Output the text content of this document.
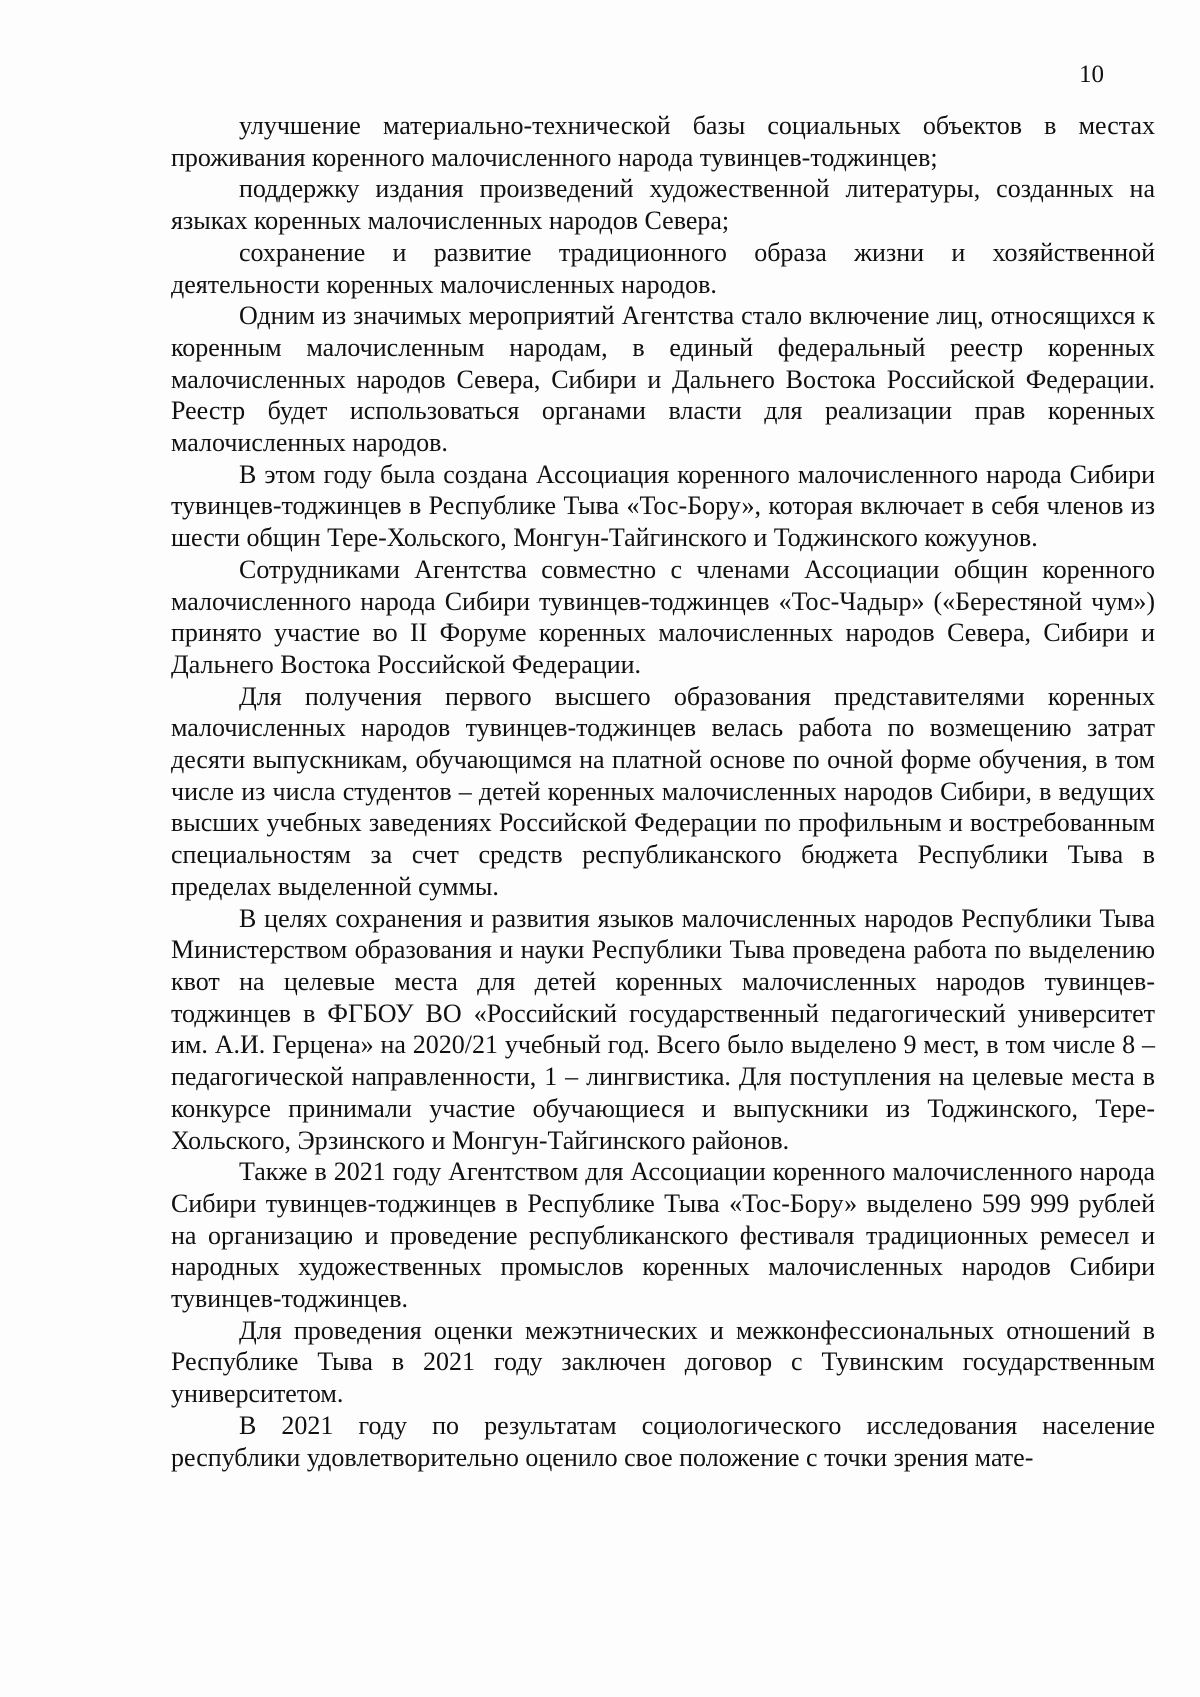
10

улучшение материально-технической базы социальных объектов в местах проживания коренного малочисленного народа тувинцев-тоджинцев;

поддержку издания произведений художественной литературы, созданных на языках коренных малочисленных народов Севера;

сохранение и развитие традиционного образа жизни и хозяйственной деятельности коренных малочисленных народов.

Одним из значимых мероприятий Агентства стало включение лиц, относящихся к коренным малочисленным народам, в единый федеральный реестр коренных малочисленных народов Севера, Сибири и Дальнего Востока Российской Федерации. Реестр будет использоваться органами власти для реализации прав коренных малочисленных народов.

В этом году была создана Ассоциация коренного малочисленного народа Сибири тувинцев-тоджинцев в Республике Тыва «Тос-Бору», которая включает в себя членов из шести общин Тере-Хольского, Монгун-Тайгинского и Тоджинского кожуунов.

Сотрудниками Агентства совместно с членами Ассоциации общин коренного малочисленного народа Сибири тувинцев-тоджинцев «Тос-Чадыр» («Берестяной чум») принято участие во II Форуме коренных малочисленных народов Севера, Сибири и Дальнего Востока Российской Федерации.

Для получения первого высшего образования представителями коренных малочисленных народов тувинцев-тоджинцев велась работа по возмещению затрат десяти выпускникам, обучающимся на платной основе по очной форме обучения, в том числе из числа студентов – детей коренных малочисленных народов Сибири, в ведущих высших учебных заведениях Российской Федерации по профильным и востребованным специальностям за счет средств республиканского бюджета Республики Тыва в пределах выделенной суммы.

В целях сохранения и развития языков малочисленных народов Республики Тыва Министерством образования и науки Республики Тыва проведена работа по выделению квот на целевые места для детей коренных малочисленных народов тувинцев-тоджинцев в ФГБОУ ВО «Российский государственный педагогический университет им. А.И. Герцена» на 2020/21 учебный год. Всего было выделено 9 мест, в том числе 8 – педагогической направленности, 1 – лингвистика. Для поступления на целевые места в конкурсе принимали участие обучающиеся и выпускники из Тоджинского, Тере-Хольского, Эрзинского и Монгун-Тайгинского районов.

Также в 2021 году Агентством для Ассоциации коренного малочисленного народа Сибири тувинцев-тоджинцев в Республике Тыва «Тос-Бору» выделено 599 999 рублей на организацию и проведение республиканского фестиваля традиционных ремесел и народных художественных промыслов коренных малочисленных народов Сибири тувинцев-тоджинцев.

Для проведения оценки межэтнических и межконфессиональных отношений в Республике Тыва в 2021 году заключен договор с Тувинским государственным университетом.

В 2021 году по результатам социологического исследования население республики удовлетворительно оценило свое положение с точки зрения мате-
